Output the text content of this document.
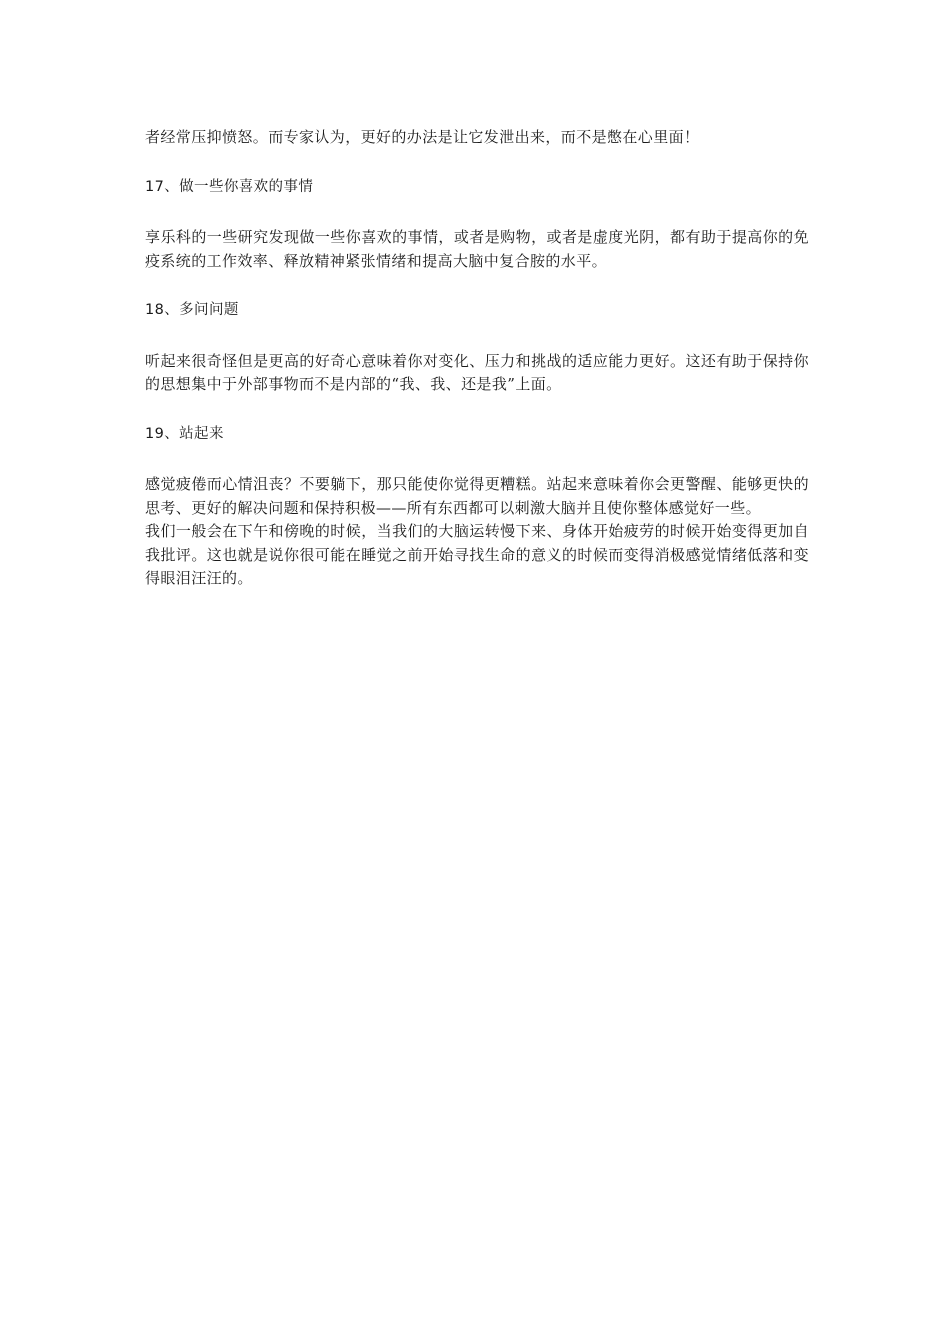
者经常压抑愤怒。而专家认为，更好的办法是让它发泄出来，而不是憋在心里面！

17、做一些你喜欢的事情

享乐科的一些研究发现做一些你喜欢的事情，或者是购物，或者是虚度光阴，都有助于提高你的免疫系统的工作效率、释放精神紧张情绪和提高大脑中复合胺的水平。

18、多问问题

听起来很奇怪但是更高的好奇心意味着你对变化、压力和挑战的适应能力更好。这还有助于保持你的思想集中于外部事物而不是内部的“我、我、还是我”上面。

19、站起来

感觉疲倦而心情沮丧？不要躺下，那只能使你觉得更糟糕。站起来意味着你会更警醒、能够更快的思考、更好的解决问题和保持积极——所有东西都可以刺激大脑并且使你整体感觉好一些。

我们一般会在下午和傍晚的时候，当我们的大脑运转慢下来、身体开始疲劳的时候开始变得更加自我批评。这也就是说你很可能在睡觉之前开始寻找生命的意义的时候而变得消极感觉情绪低落和变得眼泪汪汪的。
